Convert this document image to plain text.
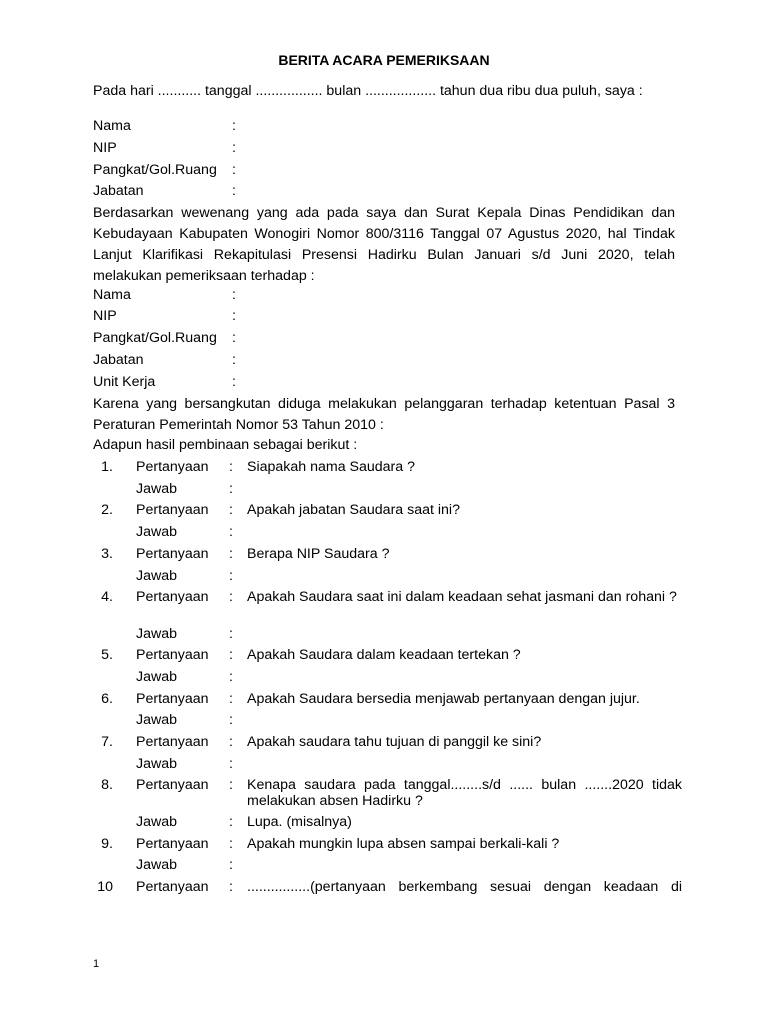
BERITA ACARA PEMERIKSAAN
Pada hari ........... tanggal ................. bulan .................. tahun dua ribu dua puluh, saya :
Nama	:
NIP	:
Pangkat/Gol.Ruang :
Jabatan	:
Berdasarkan wewenang yang ada pada saya dan Surat Kepala Dinas Pendidikan dan Kebudayaan Kabupaten Wonogiri Nomor 800/3116 Tanggal 07 Agustus 2020, hal Tindak Lanjut Klarifikasi Rekapitulasi Presensi Hadirku Bulan Januari s/d Juni 2020, telah melakukan pemeriksaan terhadap :
Nama	:
NIP	:
Pangkat/Gol.Ruang :
Jabatan	:
Unit Kerja	:
Karena yang bersangkutan diduga melakukan pelanggaran terhadap ketentuan Pasal 3 Peraturan Pemerintah Nomor 53 Tahun 2010 :
Adapun hasil pembinaan sebagai berikut :
1. Pertanyaan : Siapakah nama Saudara ?
Jawab	:
2. Pertanyaan : Apakah jabatan Saudara saat ini?
Jawab	:
3. Pertanyaan : Berapa NIP Saudara ?
Jawab	:
4. Pertanyaan : Apakah Saudara saat ini dalam keadaan sehat jasmani dan rohani ?
Jawab	:
5. Pertanyaan : Apakah Saudara dalam keadaan tertekan ?
Jawab	:
6. Pertanyaan : Apakah Saudara bersedia menjawab pertanyaan dengan jujur.
Jawab	:
7. Pertanyaan : Apakah saudara tahu tujuan di panggil ke sini?
Jawab	:
8. Pertanyaan : Kenapa saudara pada tanggal........s/d ...... bulan .......2020 tidak melakukan absen Hadirku ?
Jawab	: Lupa. (misalnya)
9. Pertanyaan : Apakah mungkin lupa absen sampai berkali-kali ?
Jawab	:
10 Pertanyaan : ................(pertanyaan berkembang sesuai dengan keadaan di
1
